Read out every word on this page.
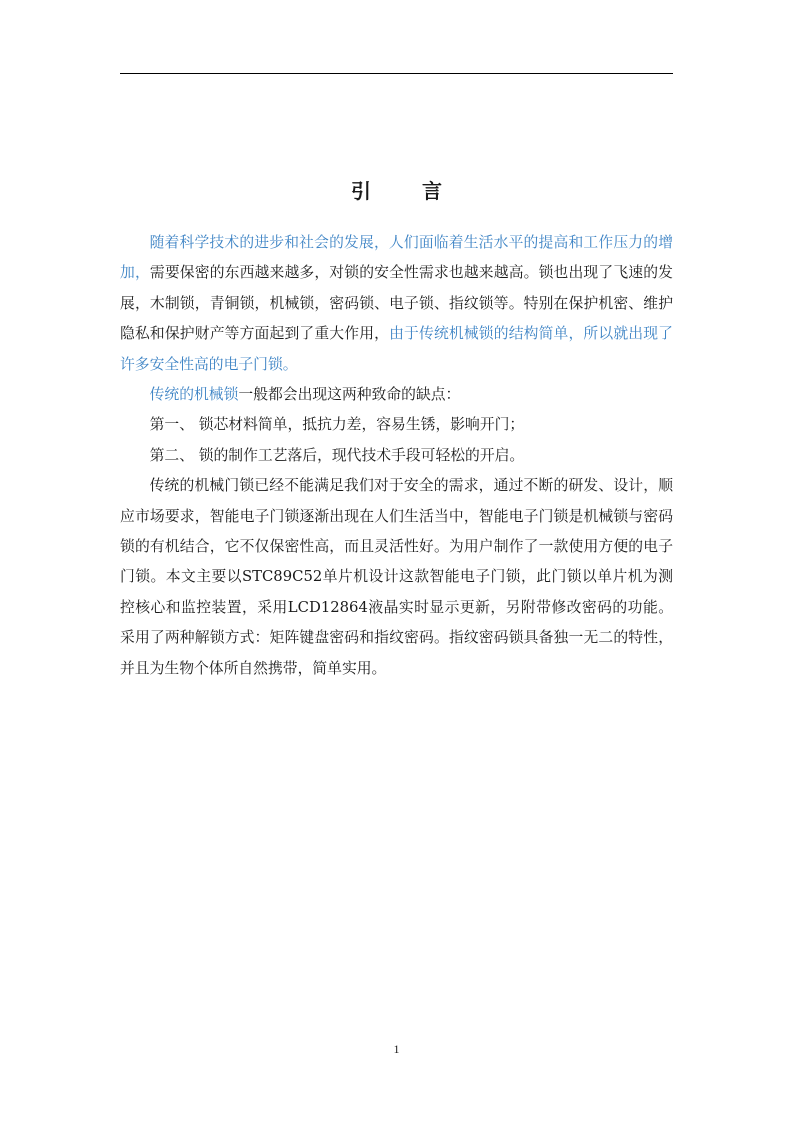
引 言

随着科学技术的进步和社会的发展，人们面临着生活水平的提高和工作压力的增加，需要保密的东西越来越多，对锁的安全性需求也越来越高。锁也出现了飞速的发展，木制锁，青铜锁，机械锁，密码锁、电子锁、指纹锁等。特别在保护机密、维护隐私和保护财产等方面起到了重大作用，由于传统机械锁的结构简单，所以就出现了许多安全性高的电子门锁。

传统的机械锁一般都会出现这两种致命的缺点：

第一、 锁芯材料简单，抵抗力差，容易生锈，影响开门；

第二、 锁的制作工艺落后，现代技术手段可轻松的开启。

传统的机械门锁已经不能满足我们对于安全的需求，通过不断的研发、设计，顺应市场要求，智能电子门锁逐渐出现在人们生活当中，智能电子门锁是机械锁与密码锁的有机结合，它不仅保密性高，而且灵活性好。为用户制作了一款使用方便的电子门锁。本文主要以STC89C52单片机设计这款智能电子门锁，此门锁以单片机为测控核心和监控装置，采用LCD12864液晶实时显示更新，另附带修改密码的功能。采用了两种解锁方式：矩阵键盘密码和指纹密码。指纹密码锁具备独一无二的特性，并且为生物个体所自然携带，简单实用。

1
